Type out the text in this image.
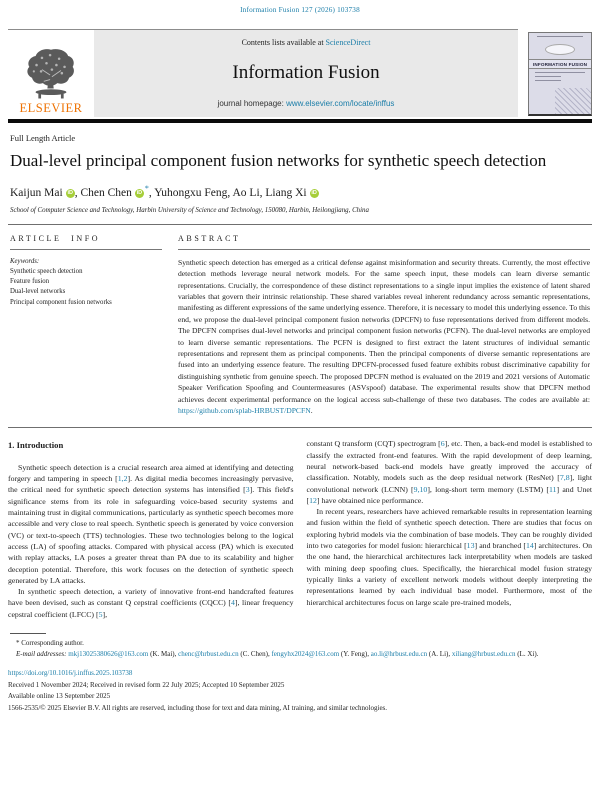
Information Fusion 127 (2026) 103738
ELSEVIER
Contents lists available at ScienceDirect
Information Fusion
journal homepage: www.elsevier.com/locate/inffus
INFORMATION FUSION
Full Length Article
Dual-level principal component fusion networks for synthetic speech detection
Kaijun Mai iD , Chen Chen iD *, Yuhongxu Feng, Ao Li, Liang Xi iD
School of Computer Science and Technology, Harbin University of Science and Technology, 150080, Harbin, Heilongjiang, China
ARTICLE INFO
Keywords:
Synthetic speech detection
Feature fusion
Dual-level networks
Principal component fusion networks
ABSTRACT
Synthetic speech detection has emerged as a critical defense against misinformation and security threats. Currently, the most effective detection methods leverage neural network models. For the same speech input, these models can learn diverse semantic representations. Crucially, the correspondence of these distinct representations to a single input implies the existence of latent shared variables that govern their intrinsic relationship. These shared variables reveal inherent redundancy across semantic representations, manifesting as different expressions of the same underlying essence. Therefore, it is necessary to model this underlying essence. To this end, we propose the dual-level principal component fusion networks (DPCFN) to fuse representations derived from different models. The DPCFN comprises dual-level networks and principal component fusion networks (PCFN). The dual-level networks are employed to learn diverse semantic representations. The PCFN is designed to first extract the latent structures of individual semantic representations and represent them as principal components. Then the principal components of diverse semantic representations are fused into an underlying essence feature. The resulting DPCFN-processed fused feature exhibits robust discriminative capability for distinguishing synthetic from genuine speech. The proposed DPCFN method is evaluated on the 2019 and 2021 versions of Automatic Speaker Verification Spoofing and Countermeasures (ASVspoof) database. The experimental results show that DPCFN method achieves decent experimental performance on the logical access sub-challenge of these two databases. The codes are available at: https://github.com/splab-HRBUST/DPCFN.
1. Introduction

Synthetic speech detection is a crucial research area aimed at identifying and detecting forgery and tampering in speech [1,2]. As digital media becomes increasingly pervasive, the critical need for synthetic speech detection systems has intensified [3]. This field's significance stems from its role in safeguarding voice-based security systems and maintaining trust in digital communications, particularly as synthetic speech becomes more accessible and very close to real speech. Synthetic speech is generated by voice conversion (VC) or text-to-speech (TTS) technologies. These two technologies belong to the logical access (LA) of spoofing attacks. Compared with physical access (PA) which is executed with replay attacks, LA poses a greater threat than PA due to its scalability and higher deception potential. Therefore, this work focuses on the detection of synthetic speech generated by LA attacks.

In synthetic speech detection, a variety of innovative front-end handcrafted features have been devised, such as constant Q cepstral coefficients (CQCC) [4], linear frequency cepstral coefficient (LFCC) [5],

constant Q transform (CQT) spectrogram [6], etc. Then, a back-end model is established to classify the extracted front-end features. With the rapid development of deep learning, neural network-based back-end models have greatly improved the accuracy of classification. Notably, models such as the deep residual network (ResNet) [7,8], light convolutional network (LCNN) [9,10], long-short term memory (LSTM) [11] and Unet [12] have obtained nice performance.

In recent years, researchers have achieved remarkable results in representation learning and fusion within the field of synthetic speech detection. There are studies that focus on exploring hybrid models via the combination of base models. They can be roughly divided into two categories for model fusion: hierarchical [13] and branched [14] architectures. On the one hand, the hierarchical architectures lack interpretability when models are tasked with mining deep spoofing clues. Specifically, the hierarchical model fusion strategy typically links a variety of excellent network models without deeply interpreting the representations learned by each individual base model. Furthermore, most of the hierarchical architectures focus on large scale pre-trained models,

* Corresponding author.
E-mail addresses: mkj13025380626@163.com (K. Mai), chenc@hrbust.edu.cn (C. Chen), fengyhx2024@163.com (Y. Feng), ao.li@hrbust.edu.cn (A. Li), xiliang@hrbust.edu.cn (L. Xi).
https://doi.org/10.1016/j.inffus.2025.103738
Received 1 November 2024; Received in revised form 22 July 2025; Accepted 10 September 2025
Available online 13 September 2025
1566-2535/© 2025 Elsevier B.V. All rights are reserved, including those for text and data mining, AI training, and similar technologies.
